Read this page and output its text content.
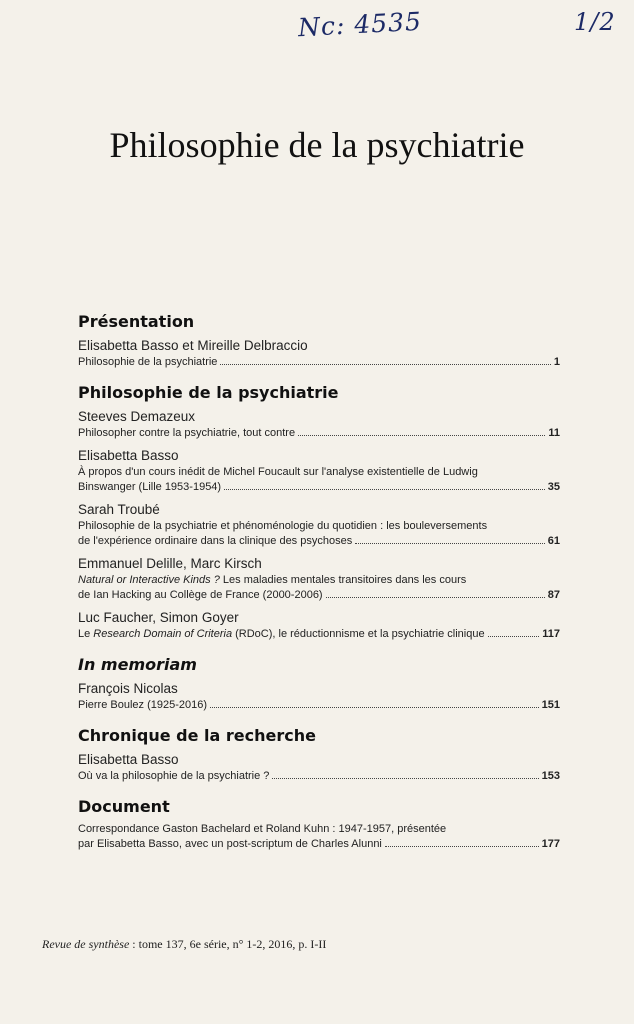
Nc: 4535	1/2
Philosophie de la psychiatrie
Présentation
Elisabetta Basso et Mireille Delbraccio
Philosophie de la psychiatrie	1
Philosophie de la psychiatrie
Steeves Demazeux
Philosopher contre la psychiatrie, tout contre	11
Elisabetta Basso
À propos d'un cours inédit de Michel Foucault sur l'analyse existentielle de Ludwig
Binswanger (Lille 1953-1954)	35
Sarah Troubé
Philosophie de la psychiatrie et phénoménologie du quotidien : les bouleversements
de l'expérience ordinaire dans la clinique des psychoses	61
Emmanuel Delille, Marc Kirsch
Natural or Interactive Kinds ? Les maladies mentales transitoires dans les cours
de Ian Hacking au Collège de France (2000-2006)	87
Luc Faucher, Simon Goyer
Le Research Domain of Criteria (RDoC), le réductionnisme et la psychiatrie clinique	117
In memoriam
François Nicolas
Pierre Boulez (1925-2016)	151
Chronique de la recherche
Elisabetta Basso
Où va la philosophie de la psychiatrie ?	153
Document
Correspondance Gaston Bachelard et Roland Kuhn : 1947-1957, présentée
par Elisabetta Basso, avec un post-scriptum de Charles Alunni	177
Revue de synthèse : tome 137, 6e série, n° 1-2, 2016, p. I-II
